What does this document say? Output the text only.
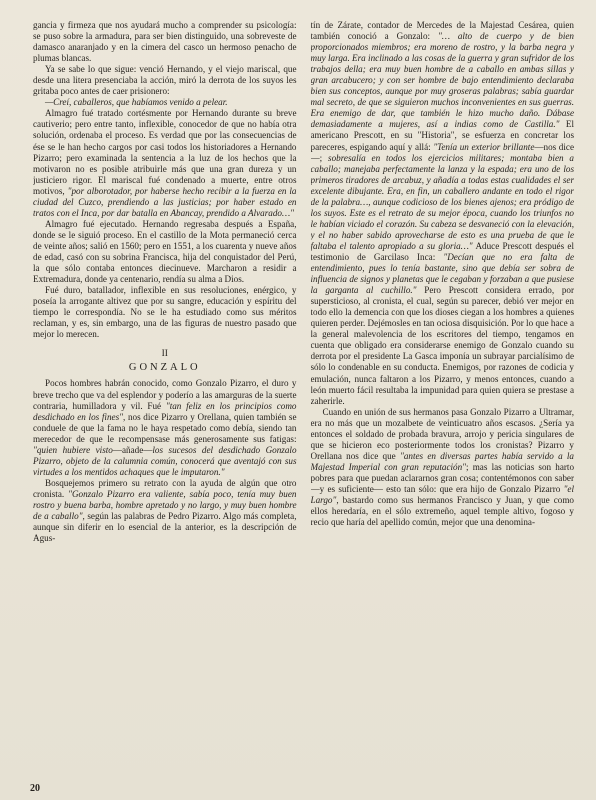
gancia y firmeza que nos ayudará mucho a comprender su psicología: se puso sobre la armadura, para ser bien distinguido, una sobreveste de damasco anaranjado y en la cimera del casco un hermoso penacho de plumas blancas.

Ya se sabe lo que sigue: venció Hernando, y el viejo mariscal, que desde una litera presenciaba la acción, miró la derrota de los suyos les gritaba poco antes de caer prisionero:

—Creí, caballeros, que habíamos venido a pelear.

Almagro fué tratado cortésmente por Hernando durante su breve cautiverio; pero entre tanto, inflexible, conocedor de que no había otra solución, ordenaba el proceso. Es verdad que por las consecuencias de ése se le han hecho cargos por casi todos los historiadores a Hernando Pizarro; pero examinada la sentencia a la luz de los hechos que la motivaron no es posible atribuirle más que una gran dureza y un justiciero rigor. El mariscal fué condenado a muerte, entre otros motivos, "por alborotador, por haberse hecho recibir a la fuerza en la ciudad del Cuzco, prendiendo a las justicias; por haber estado en tratos con el Inca, por dar batalla en Abancay, prendido a Alvarado…"

Almagro fué ejecutado. Hernando regresaba después a España, donde se le siguió proceso. En el castillo de la Mota permaneció cerca de veinte años; salió en 1560; pero en 1551, a los cuarenta y nueve años de edad, casó con su sobrina Francisca, hija del conquistador del Perú, la que sólo contaba entonces diecinueve. Marcharon a residir a Extremadura, donde ya centenario, rendía su alma a Dios.

Fué duro, batallador, inflexible en sus resoluciones, enérgico, y poseía la arrogante altivez que por su sangre, educación y espíritu del tiempo le correspondía. No se le ha estudiado como sus méritos reclaman, y es, sin embargo, una de las figuras de nuestro pasado que mejor lo merecen.

II
GONZALO

Pocos hombres habrán conocido, como Gonzalo Pizarro, el duro y breve trecho que va del esplendor y poderío a las amarguras de la suerte contraria, humilladora y vil. Fué "tan feliz en los principios como desdichado en los fines", nos dice Pizarro y Orellana, quien también se conduele de que la fama no le haya respetado como debía, siendo tan merecedor de que le recompensase más generosamente sus fatigas: "quien hubiere visto—añade—los sucesos del desdichado Gonzalo Pizarro, objeto de la calumnia común, conocerá que aventajó con sus virtudes a los mentidos achaques que le imputaron."

Bosquejemos primero su retrato con la ayuda de algún que otro cronista. "Gonzalo Pizarro era valiente, sabía poco, tenía muy buen rostro y buena barba, hombre apretado y no largo, y muy buen hombre de a caballo", según las palabras de Pedro Pizarro. Algo más completa, aunque sin diferir en lo esencial de la anterior, es la descripción de Agus-

tín de Zárate, contador de Mercedes de la Majestad Cesárea, quien también conoció a Gonzalo: "… alto de cuerpo y de bien proporcionados miembros; era moreno de rostro, y la barba negra y muy larga. Era inclinado a las cosas de la guerra y gran sufridor de los trabajos della; era muy buen hombre de a caballo en ambas sillas y gran arcabucero; y con ser hombre de bajo entendimiento declaraba bien sus conceptos, aunque por muy groseras palabras; sabía guardar mal secreto, de que se siguieron muchos inconvenientes en sus guerras. Era enemigo de dar, que también le hizo mucho daño. Dábase demasiadamente a mujeres, así a indias como de Castilla." El americano Prescott, en su "Historia", se esfuerza en concretar los pareceres, espigando aquí y allá: "Tenía un exterior brillante—nos dice—; sobresalía en todos los ejercicios militares; montaba bien a caballo; manejaba perfectamente la lanza y la espada; era uno de los primeros tiradores de arcabuz, y añadía a todas estas cualidades el ser excelente dibujante. Era, en fin, un caballero andante en todo el rigor de la palabra…, aunque codicioso de los bienes ajenos; era pródigo de los suyos. Este es el retrato de su mejor época, cuando los triunfos no le habían viciado el corazón. Su cabeza se desvaneció con la elevación, y el no haber sabido aprovecharse de esto es una prueba de que le faltaba el talento apropiado a su gloria…" Aduce Prescott después el testimonio de Garcilaso Inca: "Decían que no era falta de entendimiento, pues lo tenía bastante, sino que debía ser sobra de influencia de signos y planetas que le cegaban y forzaban a que pusiese la garganta al cuchillo." Pero Prescott considera errado, por supersticioso, al cronista, el cual, según su parecer, debió ver mejor en todo ello la demencia con que los dioses ciegan a los hombres a quienes quieren perder. Dejémosles en tan ociosa disquisición. Por lo que hace a la general malevolencia de los escritores del tiempo, tengamos en cuenta que obligado era considerarse enemigo de Gonzalo cuando su derrota por el presidente La Gasca imponía un subrayar parcialísimo de sólo lo condenable en su conducta. Enemigos, por razones de codicia y emulación, nunca faltaron a los Pizarro, y menos entonces, cuando a león muerto fácil resultaba la impunidad para quien quiera se prestase a zaherirle.

Cuando en unión de sus hermanos pasa Gonzalo Pizarro a Ultramar, era no más que un mozalbete de veinticuatro años escasos. ¿Sería ya entonces el soldado de probada bravura, arrojo y pericia singulares de que se hicieron eco posteriormente todos los cronistas? Pizarro y Orellana nos dice que "antes en diversas partes había servido a la Majestad Imperial con gran reputación"; mas las noticias son harto pobres para que puedan aclararnos gran cosa; contentémonos con saber —y es suficiente— esto tan sólo: que era hijo de Gonzalo Pizarro "el Largo", bastardo como sus hermanos Francisco y Juan, y que como ellos heredaría, en el sólo extremeño, aquel temple altivo, fogoso y recio que haría del apellido común, mejor que una denomina-

20
